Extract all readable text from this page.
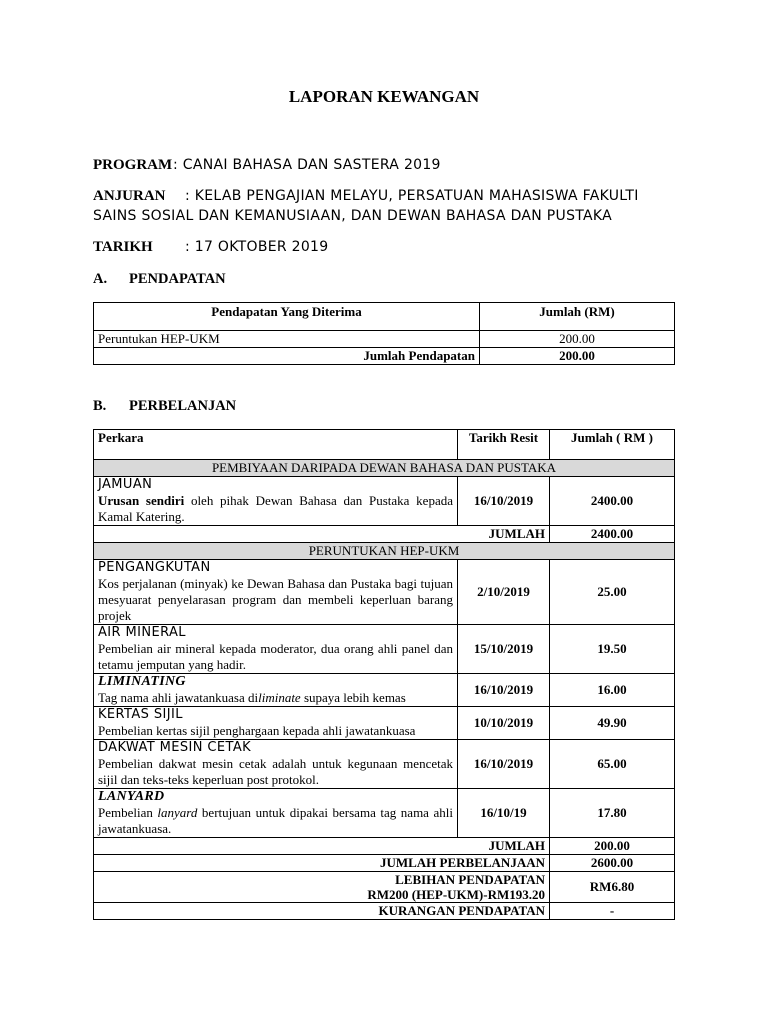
LAPORAN KEWANGAN
PROGRAM : CANAI BAHASA DAN SASTERA 2019
ANJURAN : KELAB PENGAJIAN MELAYU, PERSATUAN MAHASISWA FAKULTI
SAINS SOSIAL DAN KEMANUSIAAN, DAN DEWAN BAHASA DAN PUSTAKA
TARIKH : 17 OKTOBER 2019
A. PENDAPATAN
Pendapatan Yang Diterima	Jumlah (RM)
Peruntukan HEP-UKM	200.00
Jumlah Pendapatan	200.00
B. PERBELANJAN
Perkara	Tarikh Resit	Jumlah ( RM )
PEMBIYAAN DARIPADA DEWAN BAHASA DAN PUSTAKA		

JAMUAN
Urusan sendiri oleh pihak Dewan Bahasa dan Pustaka kepada Kamal Katering.	16/10/2019	2400.00
	JUMLAH	2400.00
PERUNTUKAN HEP-UKM		

PENGANGKUTAN
Kos perjalanan (minyak) ke Dewan Bahasa dan Pustaka bagi tujuan mesyuarat penyelarasan program dan membeli keperluan barang projek	2/10/2019	25.00

AIR MINERAL
Pembelian air mineral kepada moderator, dua orang ahli panel dan tetamu jemputan yang hadir.	15/10/2019	19.50

LIMINATING
Tag nama ahli jawatankuasa diliminate supaya lebih kemas	16/10/2019	16.00

KERTAS SIJIL
Pembelian kertas sijil penghargaan kepada ahli jawatankuasa	10/10/2019	49.90

DAKWAT MESIN CETAK
Pembelian dakwat mesin cetak adalah untuk kegunaan mencetak sijil dan teks-teks keperluan post protokol.	16/10/2019	65.00

LANYARD
Pembelian lanyard bertujuan untuk dipakai bersama tag nama ahli jawatankuasa.	16/10/19	17.80
	JUMLAH	200.00
JUMLAH PERBELANJAAN		2600.00

LEBIHAN PENDAPATAN
RM200 (HEP-UKM)-RM193.20		RM6.80
KURANGAN PENDAPATAN		-
